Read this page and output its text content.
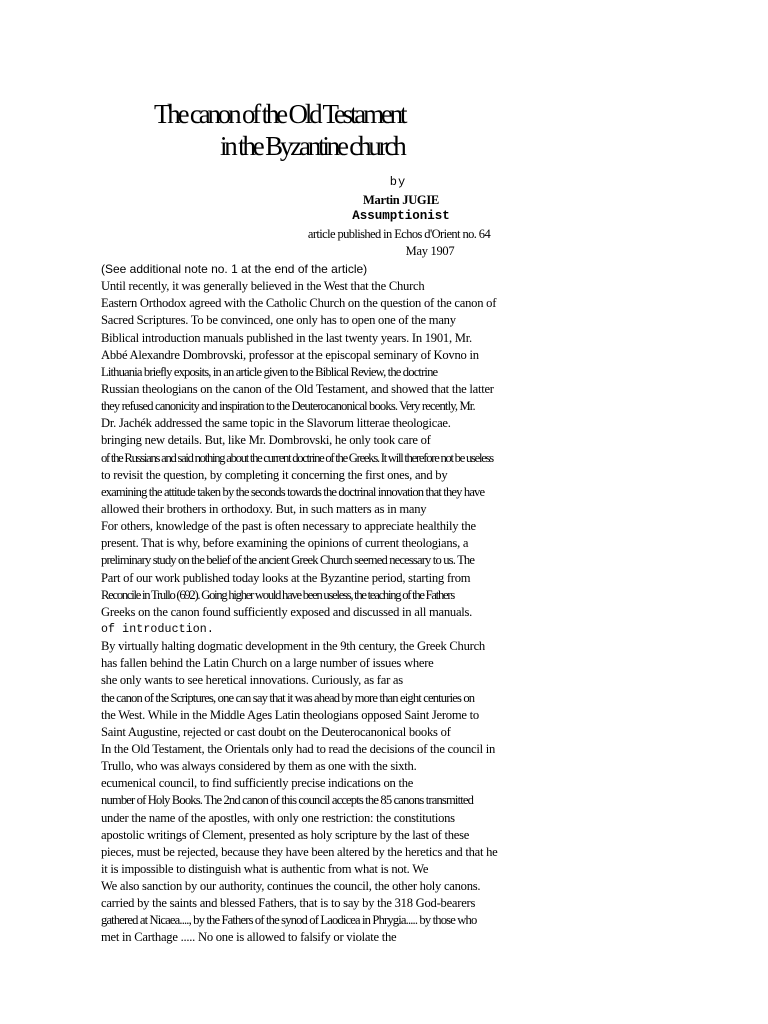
The canon of the Old Testament
in the Byzantine church
by
Martin JUGIE
Assumptionist
article published in Echos d'Orient no. 64
May 1907
(See additional note no. 1 at the end of the article)
Until recently, it was generally believed in the West that the Church
Eastern Orthodox agreed with the Catholic Church on the question of the canon of
Sacred Scriptures. To be convinced, one only has to open one of the many
Biblical introduction manuals published in the last twenty years. In 1901, Mr.
Abbé Alexandre Dombrovski, professor at the episcopal seminary of Kovno in
Lithuania briefly exposits, in an article given to the Biblical Review, the doctrine
Russian theologians on the canon of the Old Testament, and showed that the latter
they refused canonicity and inspiration to the Deuterocanonical books. Very recently, Mr.
Dr. Jachék addressed the same topic in the Slavorum litterae theologicae.
bringing new details. But, like Mr. Dombrovski, he only took care of
of the Russians and said nothing about the current doctrine of the Greeks. It will therefore not be useless
to revisit the question, by completing it concerning the first ones, and by
examining the attitude taken by the seconds towards the doctrinal innovation that they have
allowed their brothers in orthodoxy. But, in such matters as in many
For others, knowledge of the past is often necessary to appreciate healthily the
present. That is why, before examining the opinions of current theologians, a
preliminary study on the belief of the ancient Greek Church seemed necessary to us. The
Part of our work published today looks at the Byzantine period, starting from
Reconcile in Trullo (692). Going higher would have been useless, the teaching of the Fathers
Greeks on the canon found sufficiently exposed and discussed in all manuals.
of introduction.
By virtually halting dogmatic development in the 9th century, the Greek Church
has fallen behind the Latin Church on a large number of issues where
she only wants to see heretical innovations. Curiously, as far as
the canon of the Scriptures, one can say that it was ahead by more than eight centuries on
the West. While in the Middle Ages Latin theologians opposed Saint Jerome to
Saint Augustine, rejected or cast doubt on the Deuterocanonical books of
In the Old Testament, the Orientals only had to read the decisions of the council in
Trullo, who was always considered by them as one with the sixth.
ecumenical council, to find sufficiently precise indications on the
number of Holy Books. The 2nd canon of this council accepts the 85 canons transmitted
under the name of the apostles, with only one restriction: the constitutions
apostolic writings of Clement, presented as holy scripture by the last of these
pieces, must be rejected, because they have been altered by the heretics and that he
it is impossible to distinguish what is authentic from what is not. We
We also sanction by our authority, continues the council, the other holy canons.
carried by the saints and blessed Fathers, that is to say by the 318 God-bearers
gathered at Nicaea...., by the Fathers of the synod of Laodicea in Phrygia..... by those who
met in Carthage ..... No one is allowed to falsify or violate the
